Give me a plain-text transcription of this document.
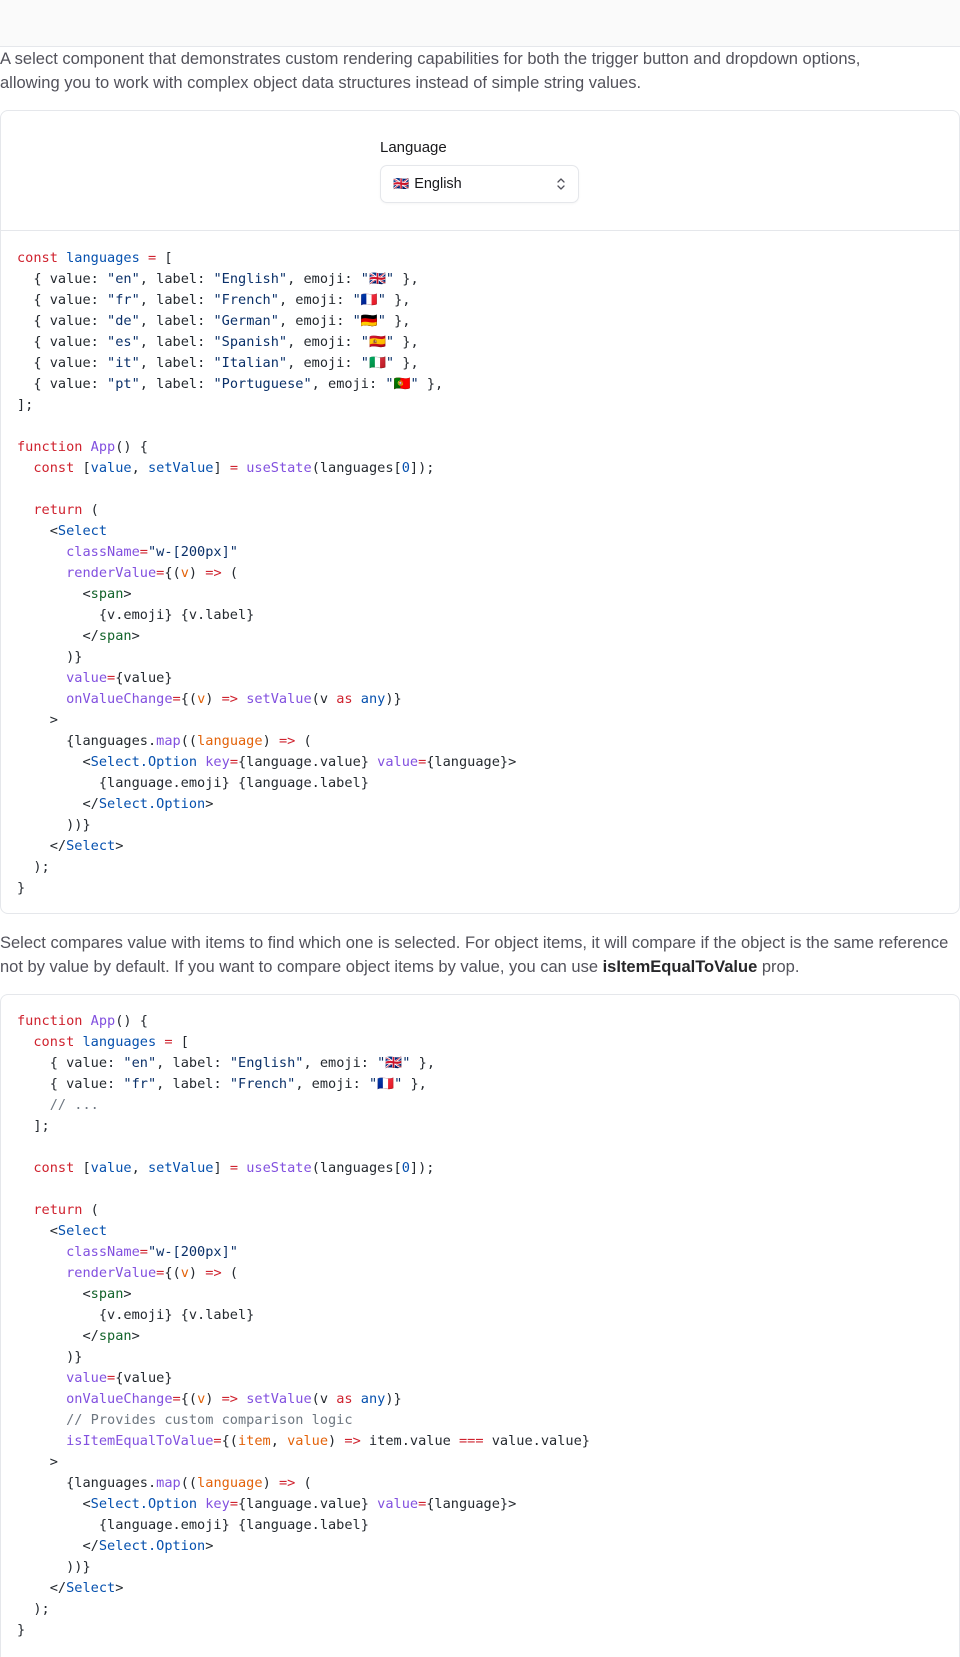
A select component that demonstrates custom rendering capabilities for both the trigger button and dropdown options, allowing you to work with complex object data structures instead of simple string values.

Language
🇬🇧 English
const languages = [
{ value: "en", label: "English", emoji: "🇬🇧" },
{ value: "fr", label: "French", emoji: "🇫🇷" },
{ value: "de", label: "German", emoji: "🇩🇪" },
{ value: "es", label: "Spanish", emoji: "🇪🇸" },
{ value: "it", label: "Italian", emoji: "🇮🇹" },
{ value: "pt", label: "Portuguese", emoji: "🇵🇹" },
];

function App() {
const [value, setValue] = useState(languages[0]);

return (
<Select
className="w-[200px]"
renderValue={(v) => (
<span>
{v.emoji} {v.label}
</span>
)}
value={value}
onValueChange={(v) => setValue(v as any)}
>
{languages.map((language) => (
<Select.Option key={language.value} value={language}>
{language.emoji} {language.label}
</Select.Option>
))}
</Select>
);
}

Select compares value with items to find which one is selected. For object items, it will compare if the object is the same reference not by value by default. If you want to compare object items by value, you can use isItemEqualToValue prop.

function App() {
const languages = [
{ value: "en", label: "English", emoji: "🇬🇧" },
{ value: "fr", label: "French", emoji: "🇫🇷" },
// ...
];

const [value, setValue] = useState(languages[0]);

return (
<Select
className="w-[200px]"
renderValue={(v) => (
<span>
{v.emoji} {v.label}
</span>
)}
value={value}
onValueChange={(v) => setValue(v as any)}
// Provides custom comparison logic
isItemEqualToValue={(item, value) => item.value === value.value}
>
{languages.map((language) => (
<Select.Option key={language.value} value={language}>
{language.emoji} {language.label}
</Select.Option>
))}
</Select>
);
}
